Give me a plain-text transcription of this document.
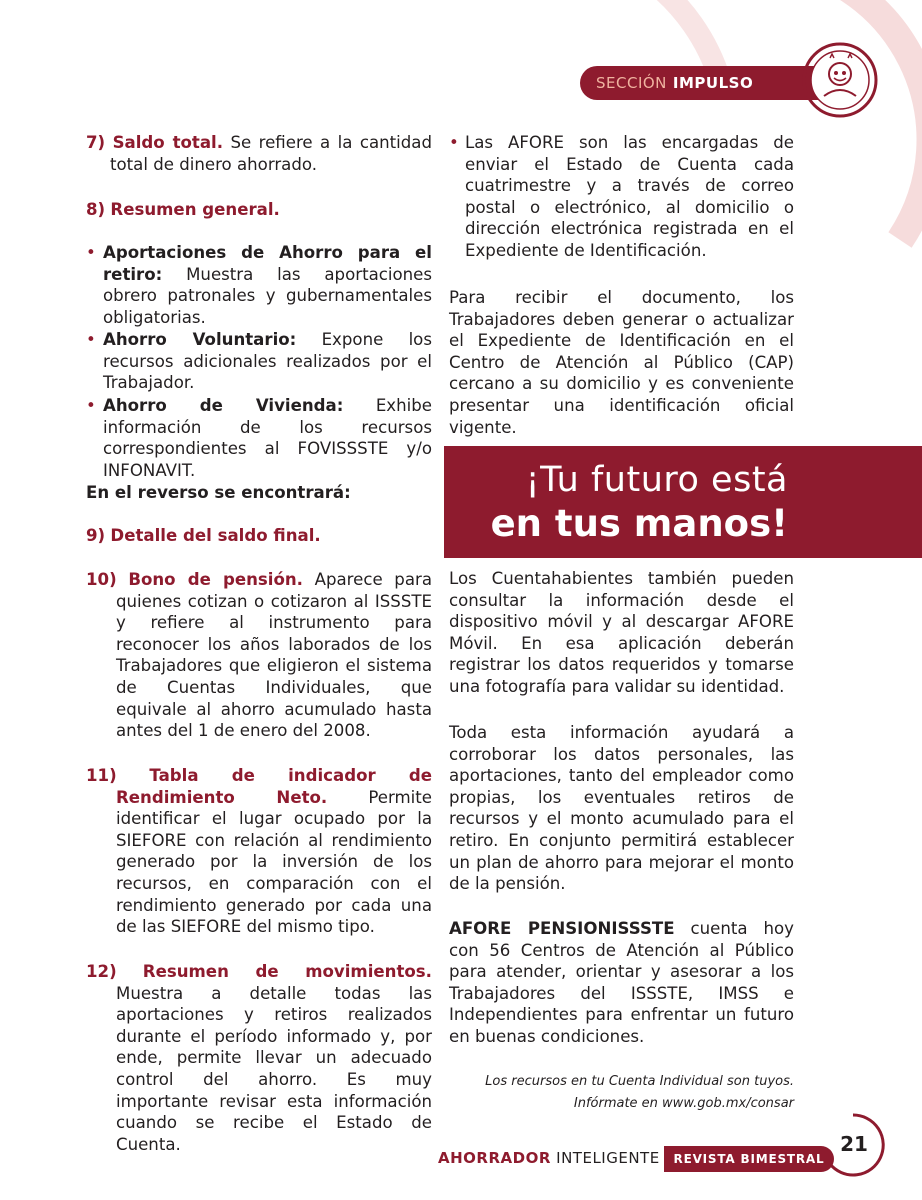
SECCIÓN IMPULSO

7) Saldo total. Se refiere a la cantidad total de dinero ahorrado.

8) Resumen general.

• Aportaciones de Ahorro para el retiro: Muestra las aportaciones obrero patronales y gubernamentales obligatorias.

• Ahorro Voluntario: Expone los recursos adicionales realizados por el Trabajador.

• Ahorro de Vivienda: Exhibe información de los recursos correspondientes al FOVISSSTE y/o INFONAVIT.

En el reverso se encontrará:

9) Detalle del saldo final.

10) Bono de pensión. Aparece para quienes cotizan o cotizaron al ISSSTE y refiere al instrumento para reconocer los años laborados de los Trabajadores que eligieron el sistema de Cuentas Individuales, que equivale al ahorro acumulado hasta antes del 1 de enero del 2008.

11) Tabla de indicador de Rendimiento Neto. Permite identificar el lugar ocupado por la SIEFORE con relación al rendimiento generado por la inversión de los recursos, en comparación con el rendimiento generado por cada una de las SIEFORE del mismo tipo.

12) Resumen de movimientos. Muestra a detalle todas las aportaciones y retiros realizados durante el período informado y, por ende, permite llevar un adecuado control del ahorro. Es muy importante revisar esta información cuando se recibe el Estado de Cuenta.

• Las AFORE son las encargadas de enviar el Estado de Cuenta cada cuatrimestre y a través de correo postal o electrónico, al domicilio o dirección electrónica registrada en el Expediente de Identificación.

Para recibir el documento, los Trabajadores deben generar o actualizar el Expediente de Identificación en el Centro de Atención al Público (CAP) cercano a su domicilio y es conveniente presentar una identificación oficial vigente.

Los Cuentahabientes también pueden consultar la información desde el dispositivo móvil y al descargar AFORE Móvil. En esa aplicación deberán registrar los datos requeridos y tomarse una fotografía para validar su identidad.

Toda esta información ayudará a corroborar los datos personales, las aportaciones, tanto del empleador como propias, los eventuales retiros de recursos y el monto acumulado para el retiro. En conjunto permitirá establecer un plan de ahorro para mejorar el monto de la pensión.

AFORE PENSIONISSSTE cuenta hoy con 56 Centros de Atención al Público para atender, orientar y asesorar a los Trabajadores del ISSSTE, IMSS e Independientes para enfrentar un futuro en buenas condiciones.

¡Tu futuro está
en tus manos!

Los recursos en tu Cuenta Individual son tuyos.

Infórmate en www.gob.mx/consar

AHORRADOR INTELIGENTE	REVISTA BIMESTRAL
21
